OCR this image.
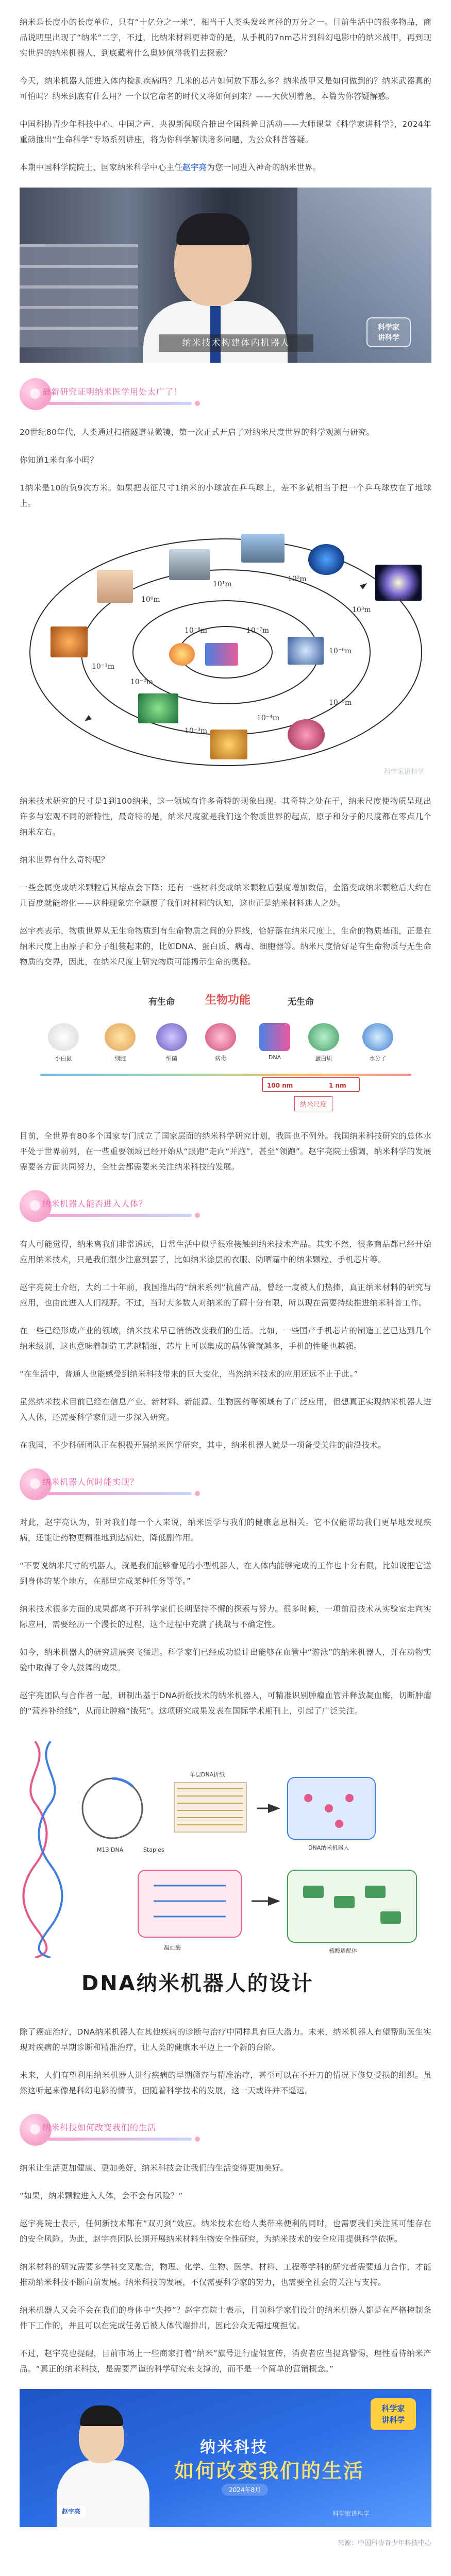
纳米是长度小的长度单位，只有“十亿分之一米”，相当于人类头发丝直径的万分之一。目前生活中的很多物品，商品说明里出现了“纳米”二字，不过，比纳米材料更神奇的是，从手机的7nm芯片到科幻电影中的纳米战甲，再到现实世界的纳米机器人，到底藏着什么奥妙值得我们去探索？

今天，纳米机器人能进入体内检测疾病吗？几米的芯片如何放下那么多？纳米战甲又是如何做到的？纳米武器真的可怕吗？纳米到底有什么用？一个以它命名的时代又将如何到来？——大伙别着急，本篇为你答疑解惑。

中国科协青少年科技中心、中国之声、央视新闻联合推出全国科普日活动——大师课堂《科学家讲科学》，2024年重磅推出“生命科学”专场系列讲座，将为你科学解读诸多问题，为公众科普答疑。

本期中国科学院院士、国家纳米科学中心主任赵宇亮为您一同进入神奇的纳米世界。

纳米技术构建体内机器人
科学家
讲科学
最新研究证明纳米医学用处太广了！

20世纪80年代，人类通过扫描隧道显微镜，第一次正式开启了对纳米尺度世界的科学观测与研究。

你知道1米有多小吗？

1纳米是10的负9次方米。如果把表征尺寸1纳米的小球放在乒乓球上，差不多就相当于把一个乒乓球放在了地球上。

10⁰m
10¹m
10²m
10³m
10⁻¹m
10⁻²m
10⁻³m
10⁻⁴m
10⁻⁵m
10⁻⁶m
10⁻⁷m
10⁻⁸m
科学家讲科学

纳米技术研究的尺寸是1到100纳米，这一领域有许多奇特的现象出现。其奇特之处在于，纳米尺度使物质呈现出许多与宏观不同的新特性，最奇特的是，纳米尺度就是我们这个物质世界的起点，原子和分子的尺度都在零点几个纳米左右。

纳米世界有什么奇特呢？

一些金属变成纳米颗粒后其熔点会下降；还有一些材料变成纳米颗粒后强度增加数倍，金箔变成纳米颗粒后大约在几百度就能熔化——这种现象完全颠覆了我们对材料的认知，这也正是纳米材料迷人之处。

赵宇亮表示，物质世界从无生命物质到有生命物质之间的分界线，恰好落在纳米尺度上，生命的物质基础，正是在纳米尺度上由原子和分子组装起来的，比如DNA、蛋白质、病毒、细胞器等。纳米尺度恰好是有生命物质与无生命物质的交界，因此，在纳米尺度上研究物质可能揭示生命的奥秘。

有生命	生物功能	无生命
小白鼠	细胞	细菌	病毒	DNA	蛋白质	水分子
100 nm	1 nm
纳米尺度

目前，全世界有80多个国家专门成立了国家层面的纳米科学研究计划，我国也不例外。我国纳米科技研究的总体水平处于世界前列，在一些重要领域已经开始从“跟跑”走向“并跑”，甚至“领跑”。赵宇亮院士强调，纳米科学的发展需要各方面共同努力，全社会都需要来关注纳米科技的发展。

纳米机器人能否进入人体？

有人可能觉得，纳米离我们非常遥远，日常生活中似乎很难接触到纳米技术产品。其实不然，很多商品都已经开始应用纳米技术，只是我们很少注意到罢了，比如纳米涂层的衣服、防晒霜中的纳米颗粒、手机芯片等。

赵宇亮院士介绍，大约二十年前，我国推出的“纳米系列”抗菌产品，曾经一度被人们热捧，真正纳米材料的研究与应用，也由此进入人们视野。不过，当时大多数人对纳米的了解十分有限，所以现在需要持续推进纳米科普工作。

在一些已经形成产业的领域，纳米技术早已悄悄改变我们的生活。比如，一些国产手机芯片的制造工艺已达到几个纳米级别，这也意味着制造工艺越精细，芯片上可以集成的晶体管就越多，手机的性能也越强。

“在生活中，普通人也能感受到纳米科技带来的巨大变化，当然纳米技术的应用还远不止于此。”

虽然纳米技术目前已经在信息产业、新材料、新能源、生物医药等领域有了广泛应用，但想真正实现纳米机器人进入人体，还需要科学家们进一步深入研究。

在我国，不少科研团队正在积极开展纳米医学研究，其中，纳米机器人就是一项备受关注的前沿技术。

纳米机器人何时能实现？

对此，赵宇亮认为，针对我们每一个人来说，纳米医学与我们的健康息息相关。它不仅能帮助我们更早地发现疾病，还能让药物更精准地到达病灶，降低副作用。

“不要说纳米尺寸的机器人，就是我们能够看见的小型机器人，在人体内能够完成的工作也十分有限，比如说把它送到身体的某个地方，在那里完成某种任务等等。”

纳米技术很多方面的成果都离不开科学家们长期坚持不懈的探索与努力。很多时候，一项前沿技术从实验室走向实际应用，需要经历一个漫长的过程，这个过程中充满了挑战与不确定性。

如今，纳米机器人的研究进展突飞猛进。科学家们已经成功设计出能够在血管中“游泳”的纳米机器人，并在动物实验中取得了令人鼓舞的成果。

赵宇亮团队与合作者一起，研制出基于DNA折纸技术的纳米机器人，可精准识别肿瘤血管并释放凝血酶，切断肿瘤的“营养补给线”，从而让肿瘤“饿死”。这项研究成果发表在国际学术期刊上，引起了广泛关注。

M13 DNA	Staples
单层DNA折纸
DNA纳米机器人
凝血酶	核酸适配体
DNA纳米机器人的设计

除了癌症治疗，DNA纳米机器人在其他疾病的诊断与治疗中同样具有巨大潜力。未来，纳米机器人有望帮助医生实现对疾病的早期诊断和精准治疗，让人类的健康水平迈上一个新的台阶。

未来，人们有望利用纳米机器人进行疾病的早期筛查与精准治疗，甚至可以在不开刀的情况下修复受损的组织。虽然这听起来像是科幻电影的情节，但随着科学技术的发展，这一天或许并不遥远。

纳米科技如何改变我们的生活

纳米让生活更加健康、更加美好，纳米科技会让我们的生活变得更加美好。

“如果，纳米颗粒进入人体，会不会有风险？”

赵宇亮院士表示，任何新技术都有“双刃剑”效应。纳米技术在给人类带来便利的同时，也需要我们关注其可能存在的安全风险。为此，赵宇亮团队长期开展纳米材料生物安全性研究，为纳米技术的安全应用提供科学依据。

纳米材料的研究需要多学科交叉融合，物理、化学、生物、医学、材料、工程等学科的研究者需要通力合作，才能推动纳米科技不断向前发展。纳米科技的发展，不仅需要科学家的努力，也需要全社会的关注与支持。

纳米机器人又会不会在我们的身体中“失控”？赵宇亮院士表示，目前科学家们设计的纳米机器人都是在严格控制条件下工作的，并且可以在完成任务后被人体代谢排出，因此公众无需过度担忧。

不过，赵宇亮也提醒，目前市场上一些商家打着“纳米”旗号进行虚假宣传，消费者应当提高警惕，理性看待纳米产品。“真正的纳米科技，是需要严谨的科学研究来支撑的，而不是一个简单的营销概念。”

赵宇亮
科学家
讲科学
纳米科技
如何改变我们的生活
2024年8月
科学家讲科学
来源：中国科协青少年科技中心
